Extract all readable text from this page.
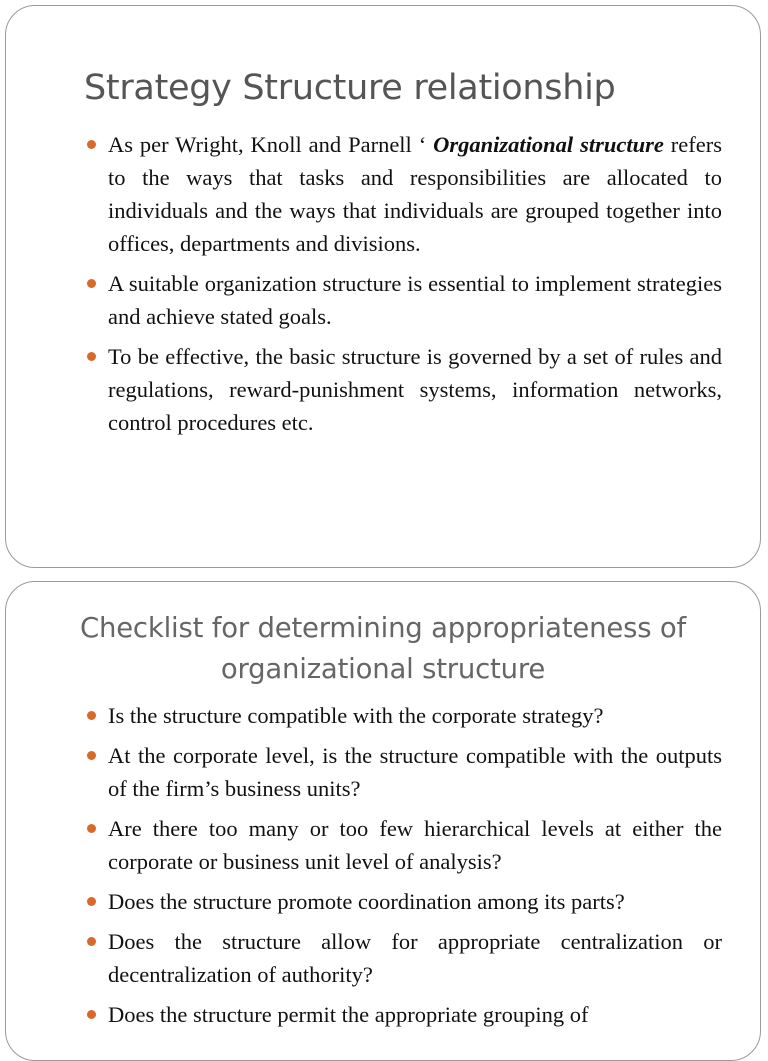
Strategy Structure relationship
As per Wright, Knoll and Parnell ‘ Organizational structure refers to the ways that tasks and responsibilities are allocated to individuals and the ways that individuals are grouped together into offices, departments and divisions.
A suitable organization structure is essential to implement strategies and achieve stated goals.
To be effective, the basic structure is governed by a set of rules and regulations, reward-punishment systems, information networks, control procedures etc.
Checklist for determining appropriateness of organizational structure
Is the structure compatible with the corporate strategy?
At the corporate level, is the structure compatible with the outputs of the firm’s business units?
Are there too many or too few hierarchical levels at either the corporate or business unit level of analysis?
Does the structure promote coordination among its parts?
Does the structure allow for appropriate centralization or decentralization of authority?
Does the structure permit the appropriate grouping of
